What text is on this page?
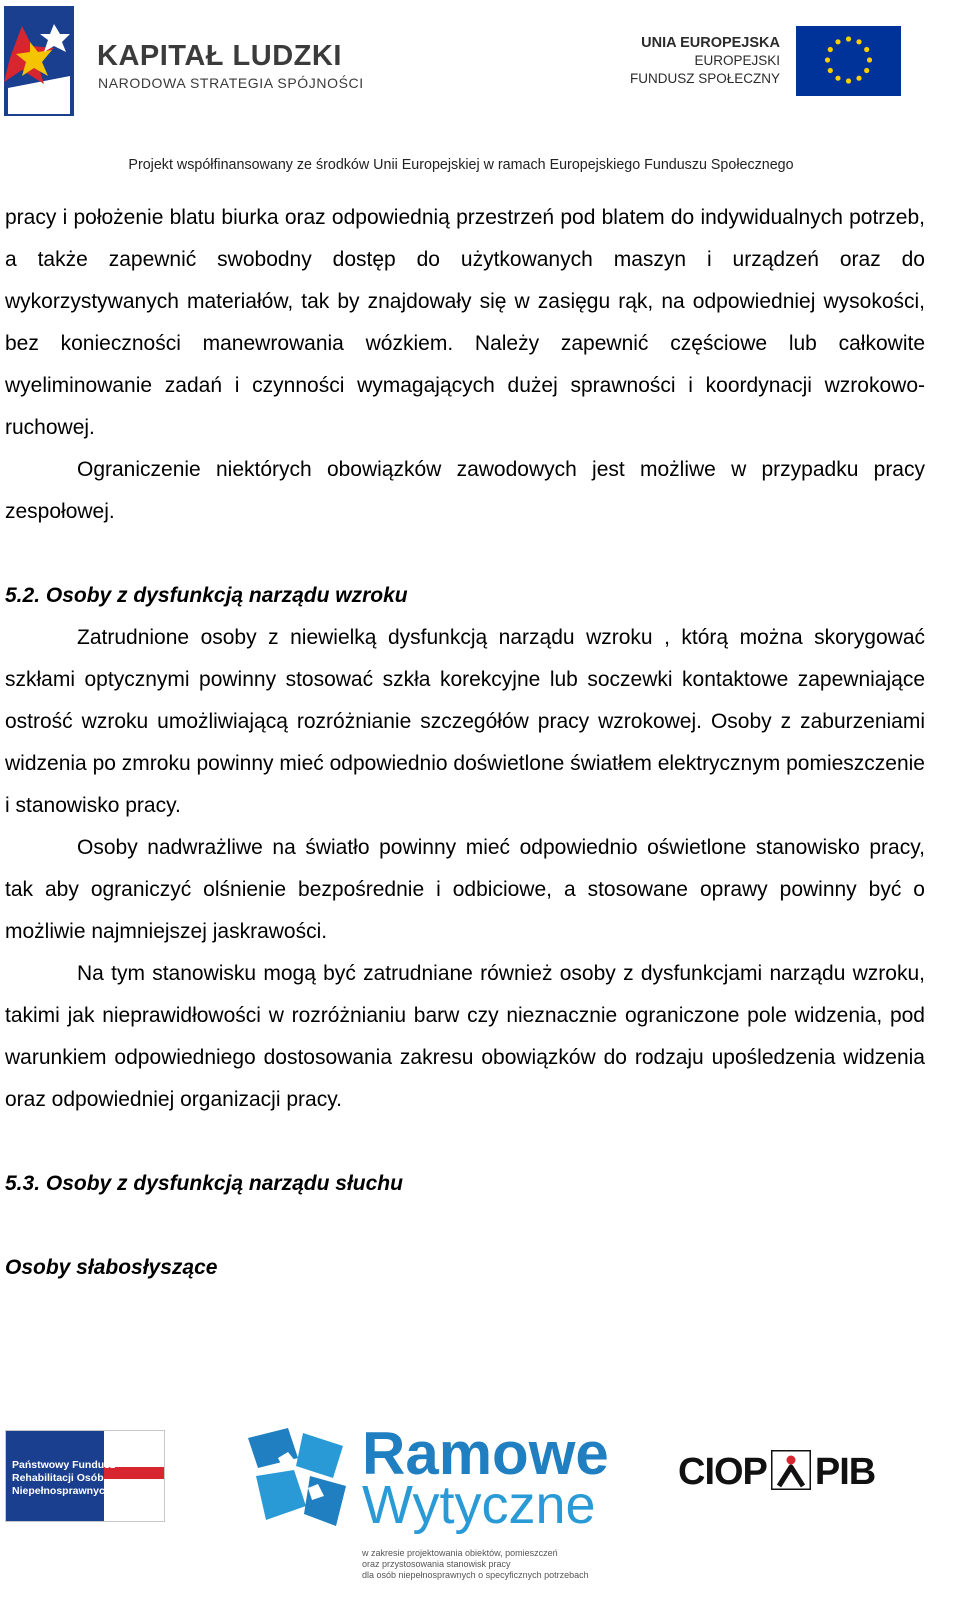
KAPITAŁ LUDZKI
NARODOWA STRATEGIA SPÓJNOŚCI
UNIA EUROPEJSKA
EUROPEJSKI
FUNDUSZ SPOŁECZNY
Projekt współfinansowany ze środków Unii Europejskiej w ramach Europejskiego Funduszu Społecznego

pracy i położenie blatu biurka oraz odpowiednią przestrzeń pod blatem do indywidualnych potrzeb, a także zapewnić swobodny dostęp do użytkowanych maszyn i urządzeń oraz do wykorzystywanych materiałów, tak by znajdowały się w zasięgu rąk, na odpowiedniej wysokości, bez konieczności manewrowania wózkiem. Należy zapewnić częściowe lub całkowite wyeliminowanie zadań i czynności wymagających dużej sprawności i koordynacji wzrokowo-ruchowej.

Ograniczenie niektórych obowiązków zawodowych jest możliwe w przypadku pracy zespołowej.

5.2. Osoby z dysfunkcją narządu wzroku

Zatrudnione osoby z niewielką dysfunkcją narządu wzroku , którą można skorygować szkłami optycznymi powinny stosować szkła korekcyjne lub soczewki kontaktowe zapewniające ostrość wzroku umożliwiającą rozróżnianie szczegółów pracy wzrokowej. Osoby z zaburzeniami widzenia po zmroku powinny mieć odpowiednio doświetlone światłem elektrycznym pomieszczenie i stanowisko pracy.

Osoby nadwrażliwe na światło powinny mieć odpowiednio oświetlone stanowisko pracy, tak aby ograniczyć olśnienie bezpośrednie i odbiciowe, a stosowane oprawy powinny być o możliwie najmniejszej jaskrawości.

Na tym stanowisku mogą być zatrudniane również osoby z dysfunkcjami narządu wzroku, takimi jak nieprawidłowości w rozróżnianiu barw czy nieznacznie ograniczone pole widzenia, pod warunkiem odpowiedniego dostosowania zakresu obowiązków do rodzaju upośledzenia widzenia oraz odpowiedniej organizacji pracy.

5.3. Osoby z dysfunkcją narządu słuchu
Osoby słabosłyszące
Państwowy Fundusz
Rehabilitacji Osób
Niepełnosprawnych
Ramowe
Wytyczne
w zakresie projektowania obiektów, pomieszczeń
oraz przystosowania stanowisk pracy
dla osób niepełnosprawnych o specyficznych potrzebach
CIOP PIB
